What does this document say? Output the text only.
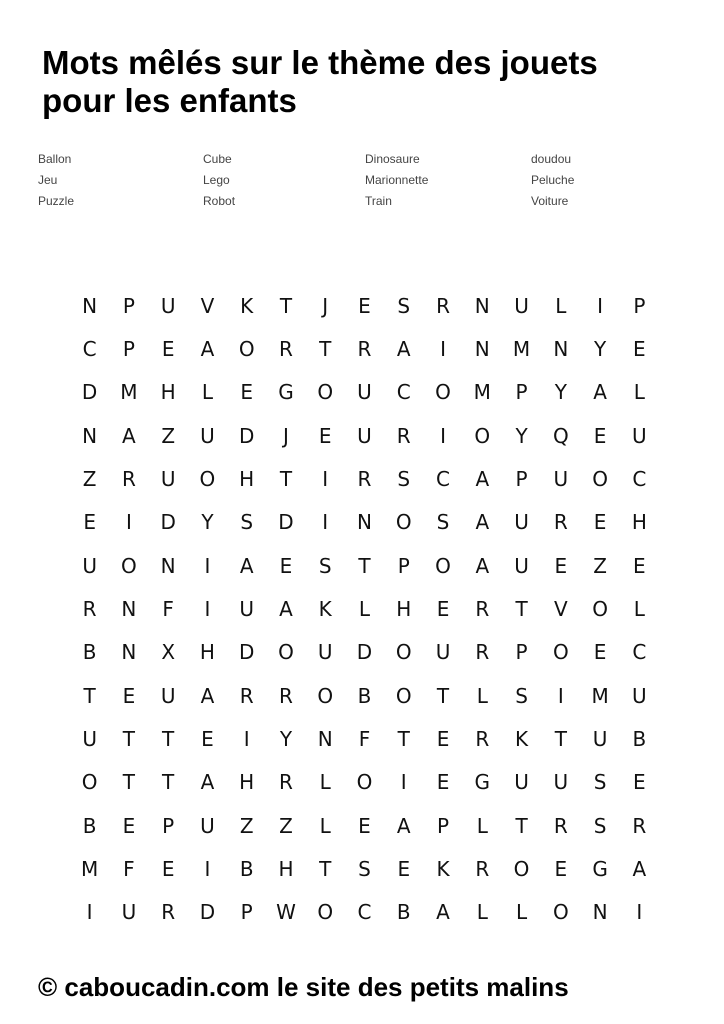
Mots mêlés sur le thème des jouets
pour les enfants
Ballon
Jeu
Puzzle
Cube
Lego
Robot
Dinosaure
Marionnette
Train
doudou
Peluche
Voiture
N	P	U	V	K	T	J	E	S	R	N	U	L	I	P
C	P	E	A	O	R	T	R	A	I	N	M	N	Y	E
D	M	H	L	E	G	O	U	C	O	M	P	Y	A	L
N	A	Z	U	D	J	E	U	R	I	O	Y	Q	E	U
Z	R	U	O	H	T	I	R	S	C	A	P	U	O	C
E	I	D	Y	S	D	I	N	O	S	A	U	R	E	H
U	O	N	I	A	E	S	T	P	O	A	U	E	Z	E
R	N	F	I	U	A	K	L	H	E	R	T	V	O	L
B	N	X	H	D	O	U	D	O	U	R	P	O	E	C
T	E	U	A	R	R	O	B	O	T	L	S	I	M	U
U	T	T	E	I	Y	N	F	T	E	R	K	T	U	B
O	T	T	A	H	R	L	O	I	E	G	U	U	S	E
B	E	P	U	Z	Z	L	E	A	P	L	T	R	S	R
M	F	E	I	B	H	T	S	E	K	R	O	E	G	A
I	U	R	D	P	W	O	C	B	A	L	L	O	N	I
© caboucadin.com le site des petits malins
